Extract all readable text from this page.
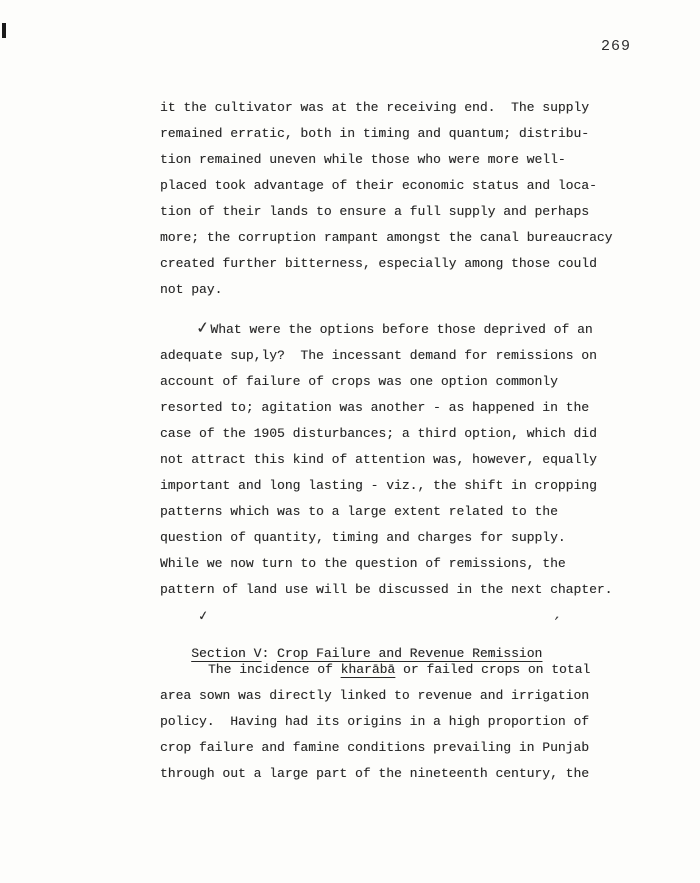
269
it the cultivator was at the receiving end.  The supply
remained erratic, both in timing and quantum; distribu-
tion remained uneven while those who were more well-
placed took advantage of their economic status and loca-
tion of their lands to ensure a full supply and perhaps
more; the corruption rampant amongst the canal bureaucracy
created further bitterness, especially among those could
not pay.
✓What were the options before those deprived of an
adequate sup,ly?  The incessant demand for remissions on
account of failure of crops was one option commonly
resorted to; agitation was another - as happened in the
case of the 1905 disturbances; a third option, which did
not attract this kind of attention was, however, equally
important and long lasting - viz., the shift in cropping
patterns which was to a large extent related to the
question of quantity, timing and charges for supply.
While we now turn to the question of remissions, the
pattern of land use will be discussed in the next chapter.

✓
Section V: Crop Failure and Revenue Remission
’

The incidence of kharābā or failed crops on total
area sown was directly linked to revenue and irrigation
policy.  Having had its origins in a high proportion of
crop failure and famine conditions prevailing in Punjab
through out a large part of the nineteenth century, the
